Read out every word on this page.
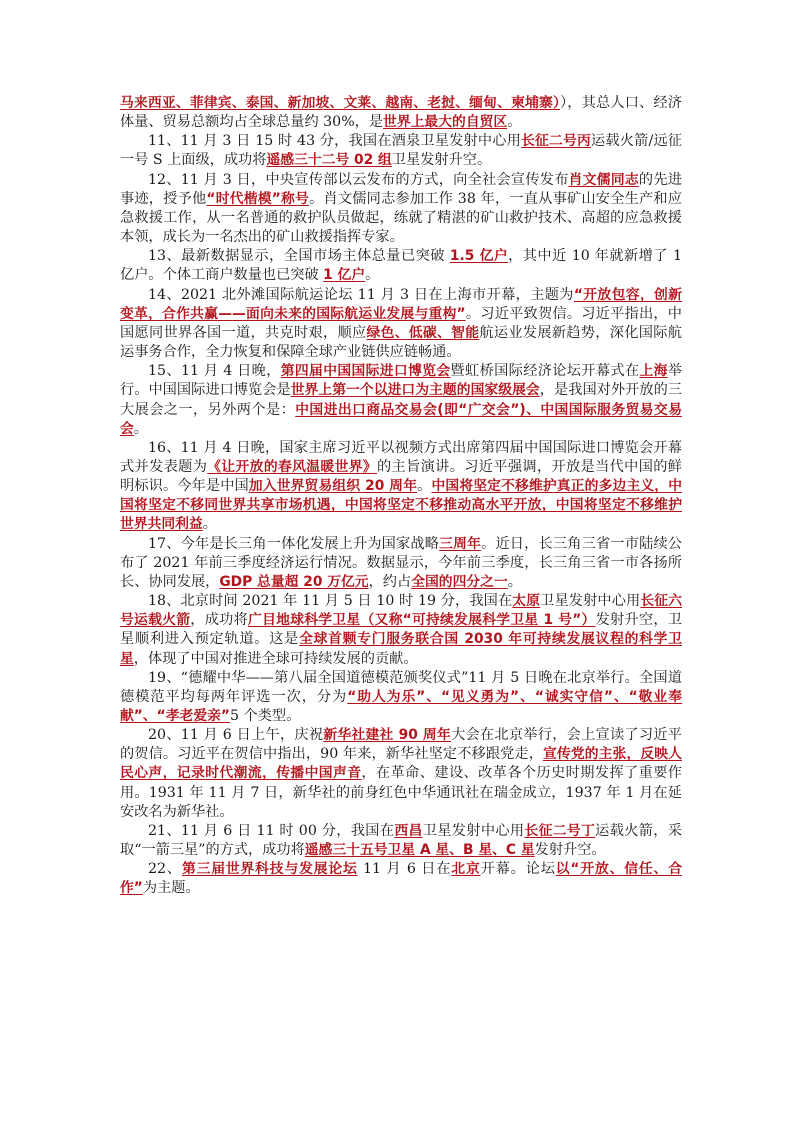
马来西亚、菲律宾、泰国、新加坡、文莱、越南、老挝、缅甸、柬埔寨）），其总人口、经济体量、贸易总额均占全球总量约 30%，是世界上最大的自贸区。

11、11 月 3 日 15 时 43 分，我国在酒泉卫星发射中心用长征二号丙运载火箭/远征一号 S 上面级，成功将遥感三十二号 02 组卫星发射升空。

12、11 月 3 日，中央宣传部以云发布的方式，向全社会宣传发布肖文儒同志的先进事迹，授予他“时代楷模”称号。肖文儒同志参加工作 38 年，一直从事矿山安全生产和应急救援工作，从一名普通的救护队员做起，练就了精湛的矿山救护技术、高超的应急救援本领，成长为一名杰出的矿山救援指挥专家。

13、最新数据显示，全国市场主体总量已突破 1.5 亿户，其中近 10 年就新增了 1 亿户。个体工商户数量也已突破 1 亿户。

14、2021 北外滩国际航运论坛 11 月 3 日在上海市开幕，主题为“开放包容，创新变革，合作共赢——面向未来的国际航运业发展与重构”。习近平致贺信。习近平指出，中国愿同世界各国一道，共克时艰，顺应绿色、低碳、智能航运业发展新趋势，深化国际航运事务合作，全力恢复和保障全球产业链供应链畅通。

15、11 月 4 日晚，第四届中国国际进口博览会暨虹桥国际经济论坛开幕式在上海举行。中国国际进口博览会是世界上第一个以进口为主题的国家级展会，是我国对外开放的三大展会之一，另外两个是：中国进出口商品交易会(即“广交会”)、中国国际服务贸易交易会。

16、11 月 4 日晚，国家主席习近平以视频方式出席第四届中国国际进口博览会开幕式并发表题为《让开放的春风温暖世界》的主旨演讲。习近平强调，开放是当代中国的鲜明标识。今年是中国加入世界贸易组织 20 周年。中国将坚定不移维护真正的多边主义，中国将坚定不移同世界共享市场机遇，中国将坚定不移推动高水平开放，中国将坚定不移维护世界共同利益。

17、今年是长三角一体化发展上升为国家战略三周年。近日，长三角三省一市陆续公布了 2021 年前三季度经济运行情况。数据显示，今年前三季度，长三角三省一市各扬所长、协同发展，GDP 总量超 20 万亿元，约占全国的四分之一。

18、北京时间 2021 年 11 月 5 日 10 时 19 分，我国在太原卫星发射中心用长征六号运载火箭，成功将广目地球科学卫星（又称“可持续发展科学卫星 1 号”）发射升空，卫星顺利进入预定轨道。这是全球首颗专门服务联合国 2030 年可持续发展议程的科学卫星，体现了中国对推进全球可持续发展的贡献。

19、“德耀中华——第八届全国道德模范颁奖仪式”11 月 5 日晚在北京举行。全国道德模范平均每两年评选一次，分为“助人为乐”、“见义勇为”、“诚实守信”、“敬业奉献”、“孝老爱亲”5 个类型。

20、11 月 6 日上午，庆祝新华社建社 90 周年大会在北京举行，会上宣读了习近平的贺信。习近平在贺信中指出，90 年来，新华社坚定不移跟党走，宣传党的主张，反映人民心声，记录时代潮流，传播中国声音，在革命、建设、改革各个历史时期发挥了重要作用。1931 年 11 月 7 日，新华社的前身红色中华通讯社在瑞金成立，1937 年 1 月在延安改名为新华社。

21、11 月 6 日 11 时 00 分，我国在西昌卫星发射中心用长征二号丁运载火箭，采取“一箭三星”的方式，成功将遥感三十五号卫星 A 星、B 星、C 星发射升空。

22、第三届世界科技与发展论坛 11 月 6 日在北京开幕。论坛以“开放、信任、合作”为主题。
